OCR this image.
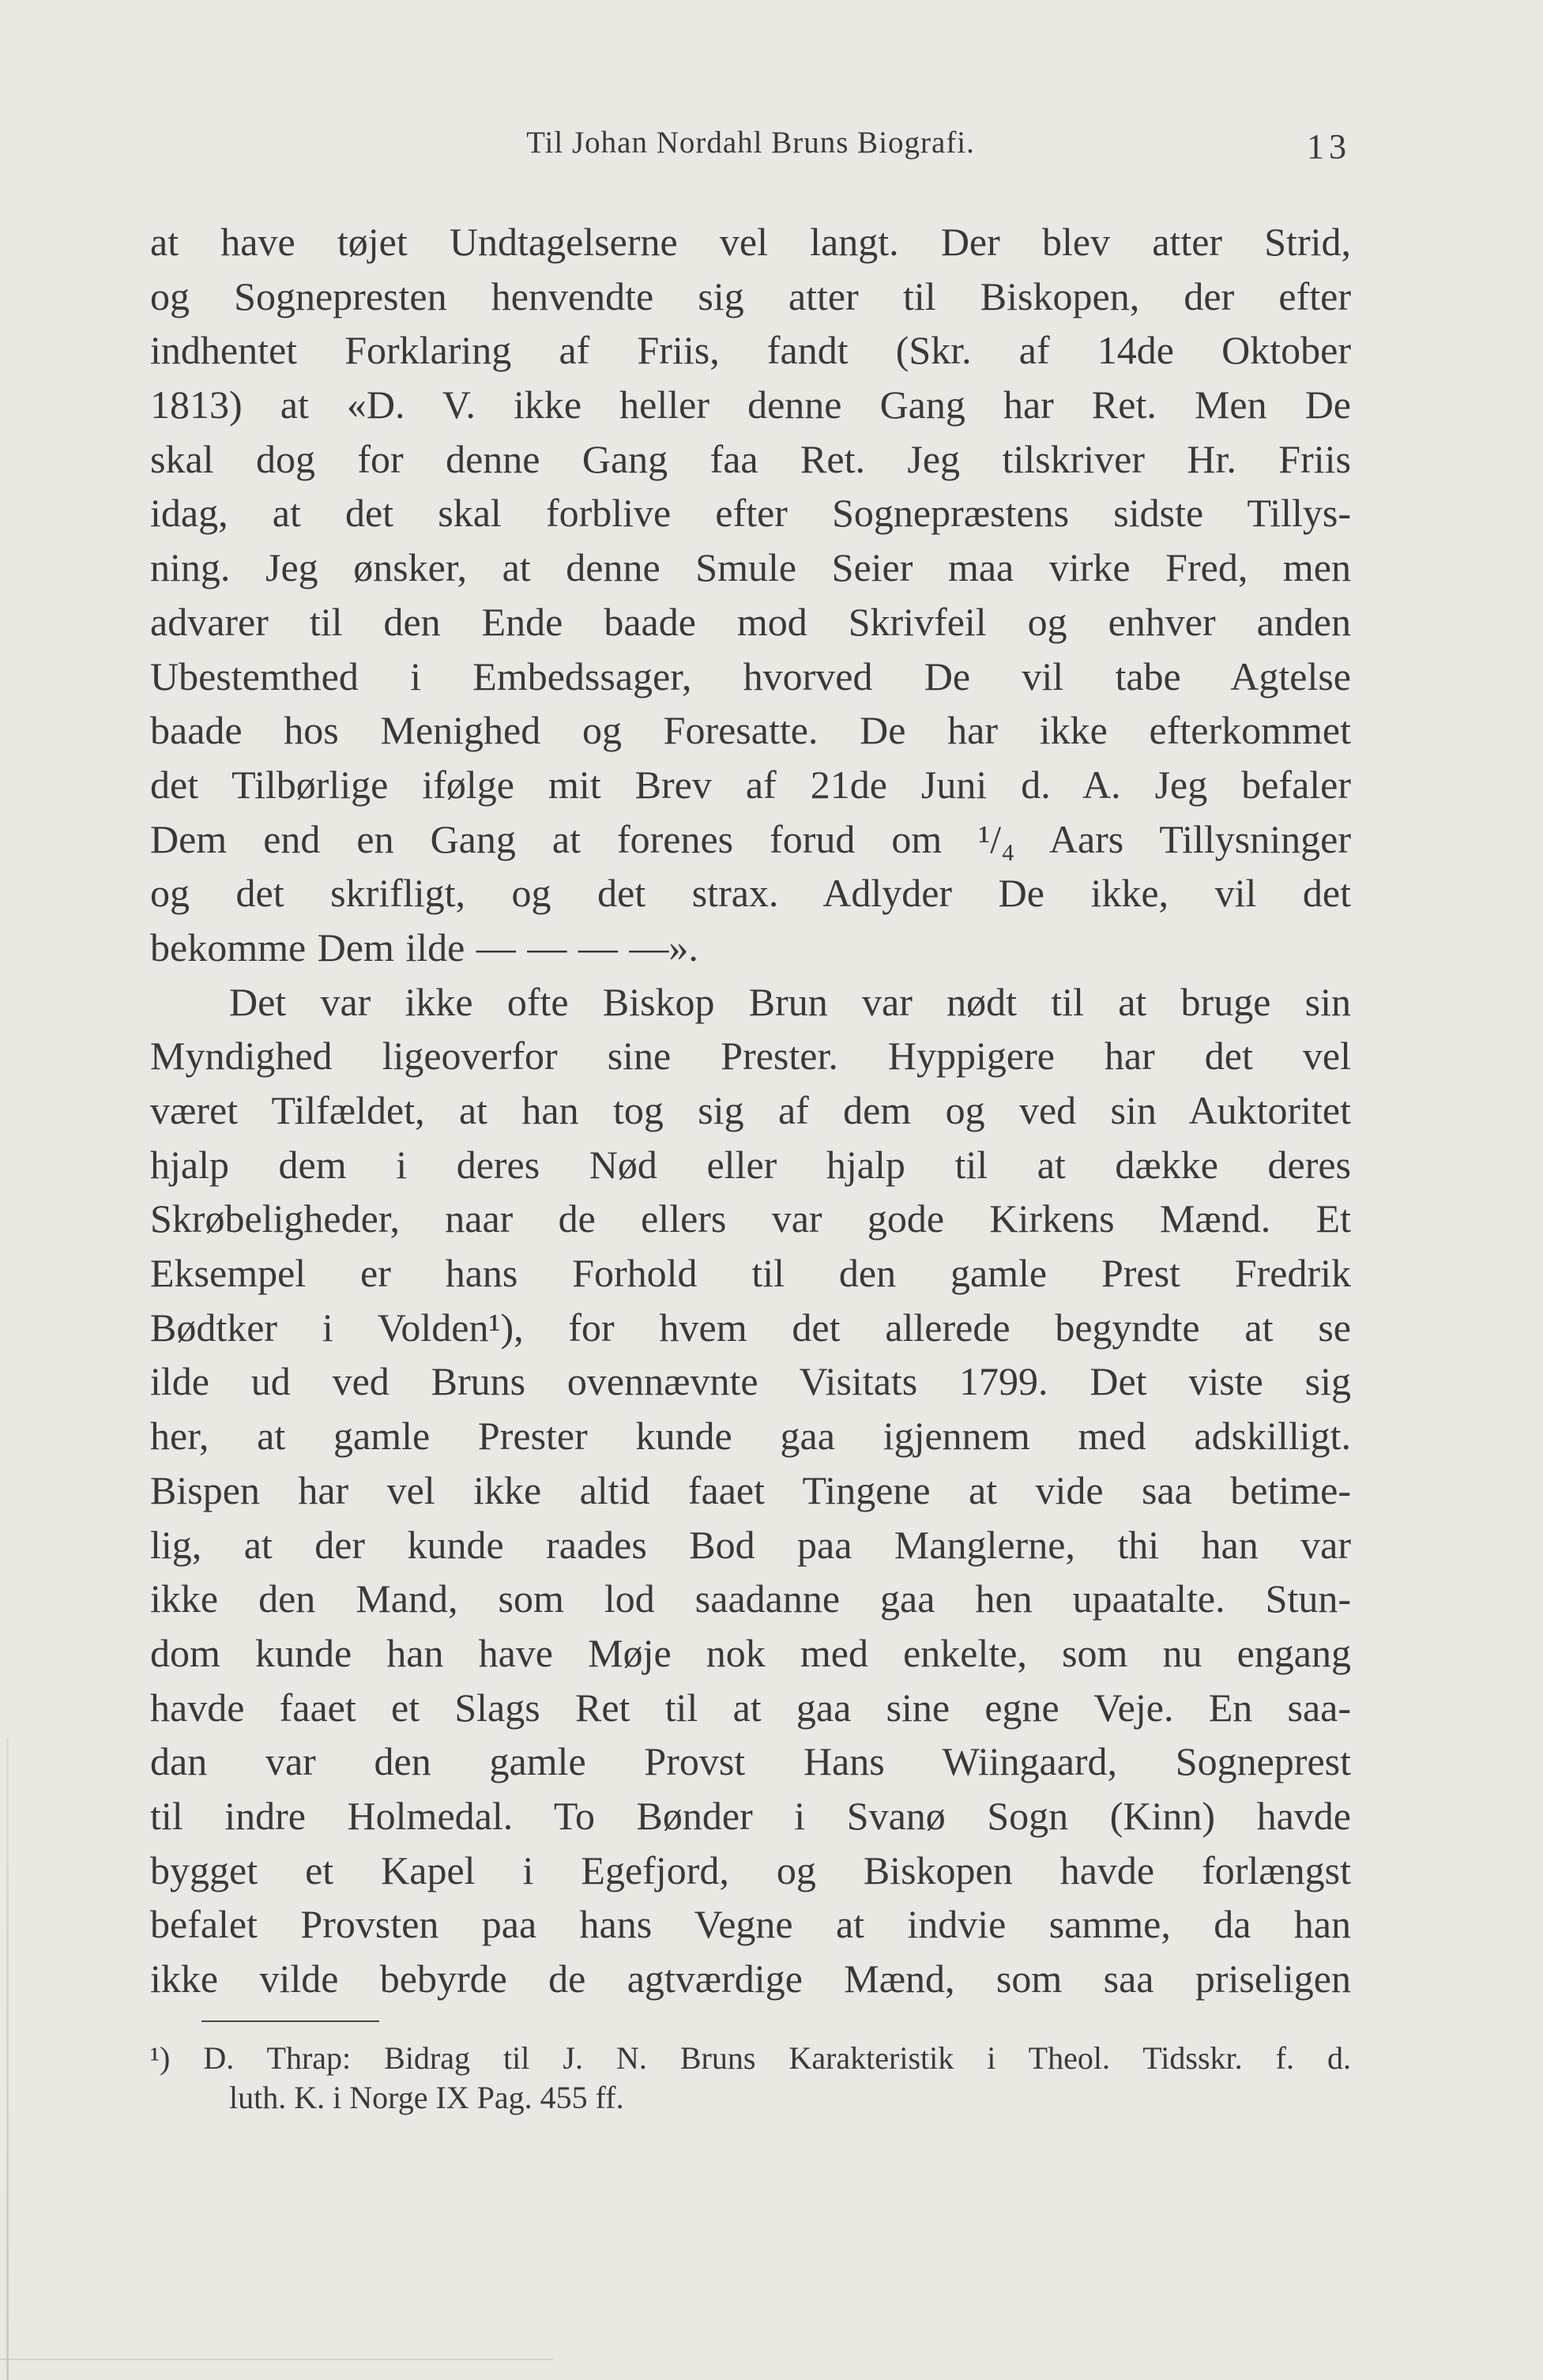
Til Johan Nordahl Bruns Biografi.	13
at have tøjet Undtagelserne vel langt. Der blev atter Strid,
og Sognepresten henvendte sig atter til Biskopen, der efter
indhentet Forklaring af Friis, fandt (Skr. af 14de Oktober
1813) at «D. V. ikke heller denne Gang har Ret. Men De
skal dog for denne Gang faa Ret. Jeg tilskriver Hr. Friis
idag, at det skal forblive efter Sognepræstens sidste Tillys-
ning. Jeg ønsker, at denne Smule Seier maa virke Fred, men
advarer til den Ende baade mod Skrivfeil og enhver anden
Ubestemthed i Embedssager, hvorved De vil tabe Agtelse
baade hos Menighed og Foresatte. De har ikke efterkommet
det Tilbørlige ifølge mit Brev af 21de Juni d. A. Jeg befaler
Dem end en Gang at forenes forud om ¹/₄ Aars Tillysninger
og det skrifligt, og det strax. Adlyder De ikke, vil det
bekomme Dem ilde — — — —».
Det var ikke ofte Biskop Brun var nødt til at bruge sin
Myndighed ligeoverfor sine Prester. Hyppigere har det vel
været Tilfældet, at han tog sig af dem og ved sin Auktoritet
hjalp dem i deres Nød eller hjalp til at dække deres
Skrøbeligheder, naar de ellers var gode Kirkens Mænd. Et
Eksempel er hans Forhold til den gamle Prest Fredrik
Bødtker i Volden¹), for hvem det allerede begyndte at se
ilde ud ved Bruns ovennævnte Visitats 1799. Det viste sig
her, at gamle Prester kunde gaa igjennem med adskilligt.
Bispen har vel ikke altid faaet Tingene at vide saa betime-
lig, at der kunde raades Bod paa Manglerne, thi han var
ikke den Mand, som lod saadanne gaa hen upaatalte. Stun-
dom kunde han have Møje nok med enkelte, som nu engang
havde faaet et Slags Ret til at gaa sine egne Veje. En saa-
dan var den gamle Provst Hans Wiingaard, Sogneprest
til indre Holmedal. To Bønder i Svanø Sogn (Kinn) havde
bygget et Kapel i Egefjord, og Biskopen havde forlængst
befalet Provsten paa hans Vegne at indvie samme, da han
ikke vilde bebyrde de agtværdige Mænd, som saa priseligen
¹) D. Thrap: Bidrag til J. N. Bruns Karakteristik i Theol. Tidsskr. f. d.
luth. K. i Norge IX Pag. 455 ff.
